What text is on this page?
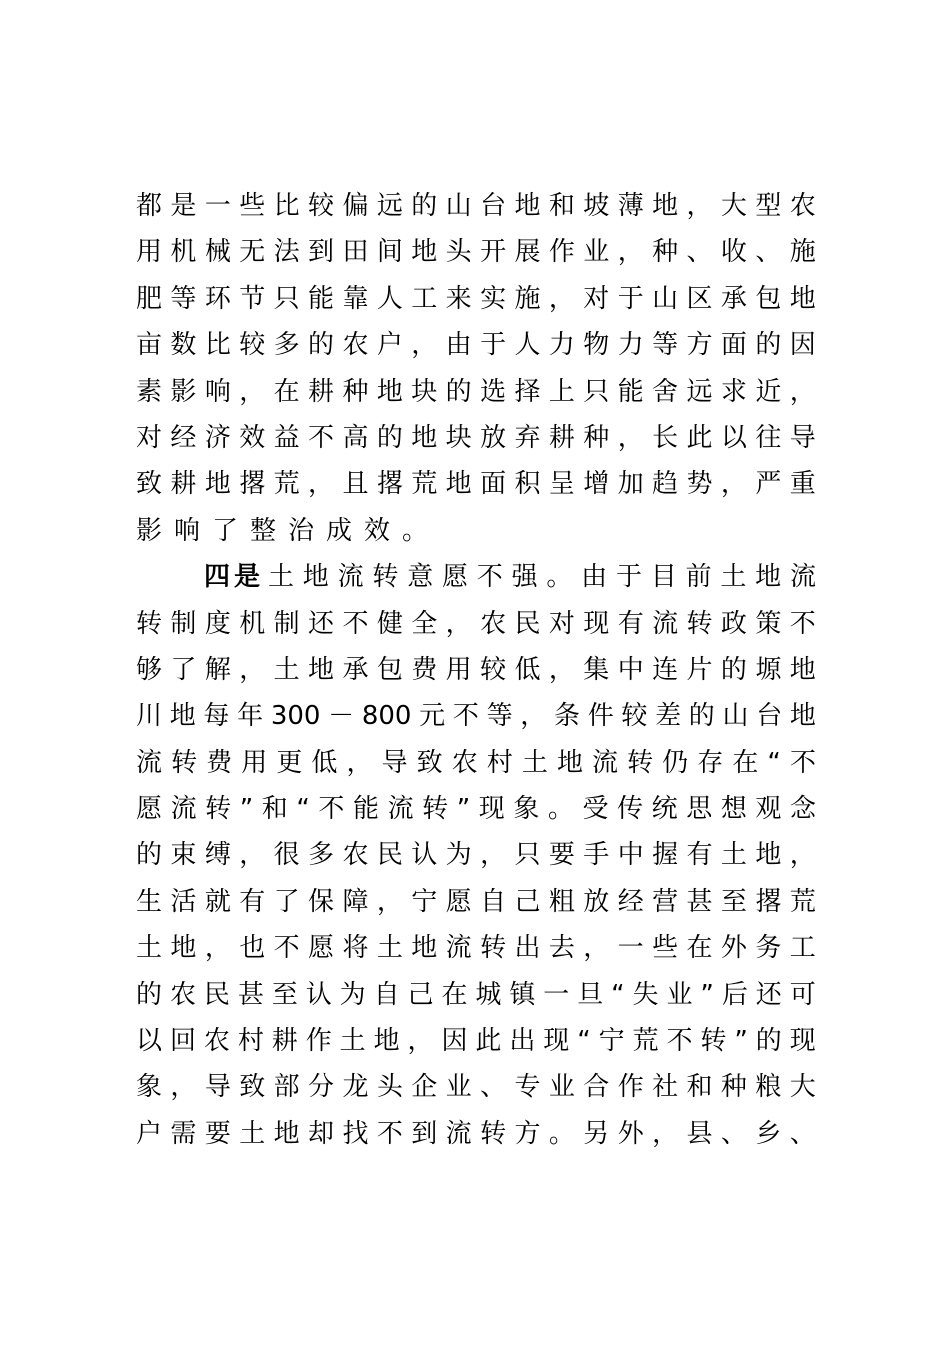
都 是 一 些 比 较 偏 远 的 山 台 地 和 坡 薄 地 ， 大 型 农
用 机 械 无 法 到 田 间 地 头 开 展 作 业 ， 种 、 收 、 施
肥 等 环 节 只 能 靠 人 工 来 实 施 ， 对 于 山 区 承 包 地
亩 数 比 较 多 的 农 户 ， 由 于 人 力 物 力 等 方 面 的 因
素 影 响 ， 在 耕 种 地 块 的 选 择 上 只 能 舍 远 求 近 ，
对 经 济 效 益 不 高 的 地 块 放 弃 耕 种 ， 长 此 以 往 导
致 耕 地 撂 荒 ， 且 撂 荒 地 面 积 呈 增 加 趋 势 ， 严 重
影响了整治成效。
四 是 土 地 流 转 意 愿 不 强 。 由 于 目 前 土 地 流
转 制 度 机 制 还 不 健 全 ， 农 民 对 现 有 流 转 政 策 不
够 了 解 ， 土 地 承 包 费 用 较 低 ， 集 中 连 片 的 塬 地
川 地 每 年 300 － 800 元 不 等 ， 条 件 较 差 的 山 台 地
流 转 费 用 更 低 ， 导 致 农 村 土 地 流 转 仍 存 在 “ 不
愿 流 转 ” 和 “ 不 能 流 转 ” 现 象 。 受 传 统 思 想 观 念
的 束 缚 ， 很 多 农 民 认 为 ， 只 要 手 中 握 有 土 地 ，
生 活 就 有 了 保 障 ， 宁 愿 自 己 粗 放 经 营 甚 至 撂 荒
土 地 ， 也 不 愿 将 土 地 流 转 出 去 ， 一 些 在 外 务 工
的 农 民 甚 至 认 为 自 己 在 城 镇 一 旦 “ 失 业 ” 后 还 可
以 回 农 村 耕 作 土 地 ， 因 此 出 现 “ 宁 荒 不 转 ” 的 现
象 ， 导 致 部 分 龙 头 企 业 、 专 业 合 作 社 和 种 粮 大
户 需 要 土 地 却 找 不 到 流 转 方 。 另 外 ， 县 、 乡 、
